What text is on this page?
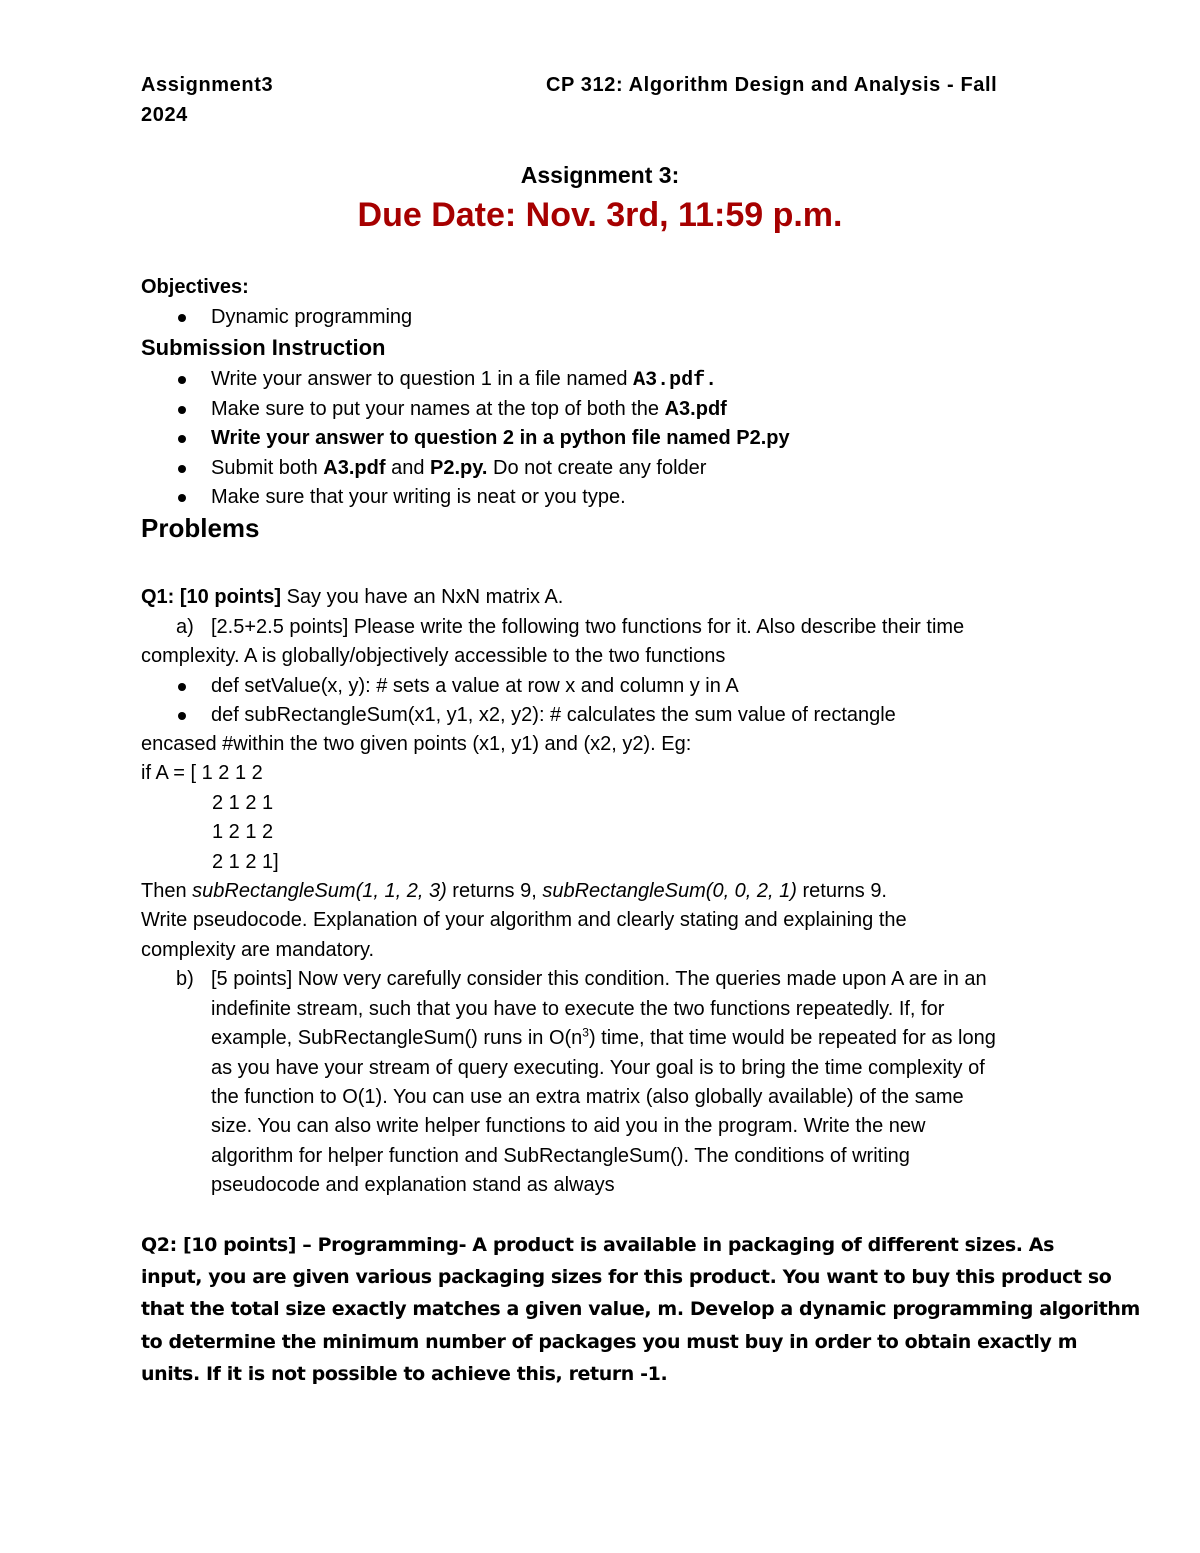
Assignment3	CP 312: Algorithm Design and Analysis - Fall
2024
Assignment 3:
Due Date: Nov. 3rd, 11:59 p.m.
Objectives:
Dynamic programming
Submission Instruction
Write your answer to question 1 in a file named A3.pdf.
Make sure to put your names at the top of both the A3.pdf
Write your answer to question 2 in a python file named P2.py
Submit both A3.pdf and P2.py. Do not create any folder
Make sure that your writing is neat or you type.
Problems
Q1: [10 points] Say you have an NxN matrix A.
a) [2.5+2.5 points] Please write the following two functions for it. Also describe their time
complexity. A is globally/objectively accessible to the two functions
def setValue(x, y): # sets a value at row x and column y in A
def subRectangleSum(x1, y1, x2, y2): # calculates the sum value of rectangle
encased #within the two given points (x1, y1) and (x2, y2). Eg:
if A = [ 1 2 1 2
2 1 2 1
1 2 1 2
2 1 2 1]
Then subRectangleSum(1, 1, 2, 3) returns 9, subRectangleSum(0, 0, 2, 1) returns 9.
Write pseudocode. Explanation of your algorithm and clearly stating and explaining the
complexity are mandatory.
b) [5 points] Now very carefully consider this condition. The queries made upon A are in an
indefinite stream, such that you have to execute the two functions repeatedly. If, for
example, SubRectangleSum() runs in $O(n^3)$ time, that time would be repeated for as long
as you have your stream of query executing. Your goal is to bring the time complexity of
the function to O(1). You can use an extra matrix (also globally available) of the same
size. You can also write helper functions to aid you in the program. Write the new
algorithm for helper function and SubRectangleSum(). The conditions of writing
pseudocode and explanation stand as always
Q2: [10 points] – Programming- A product is available in packaging of different sizes. As
input, you are given various packaging sizes for this product. You want to buy this product so
that the total size exactly matches a given value, m. Develop a dynamic programming algorithm
to determine the minimum number of packages you must buy in order to obtain exactly m
units. If it is not possible to achieve this, return -1.
